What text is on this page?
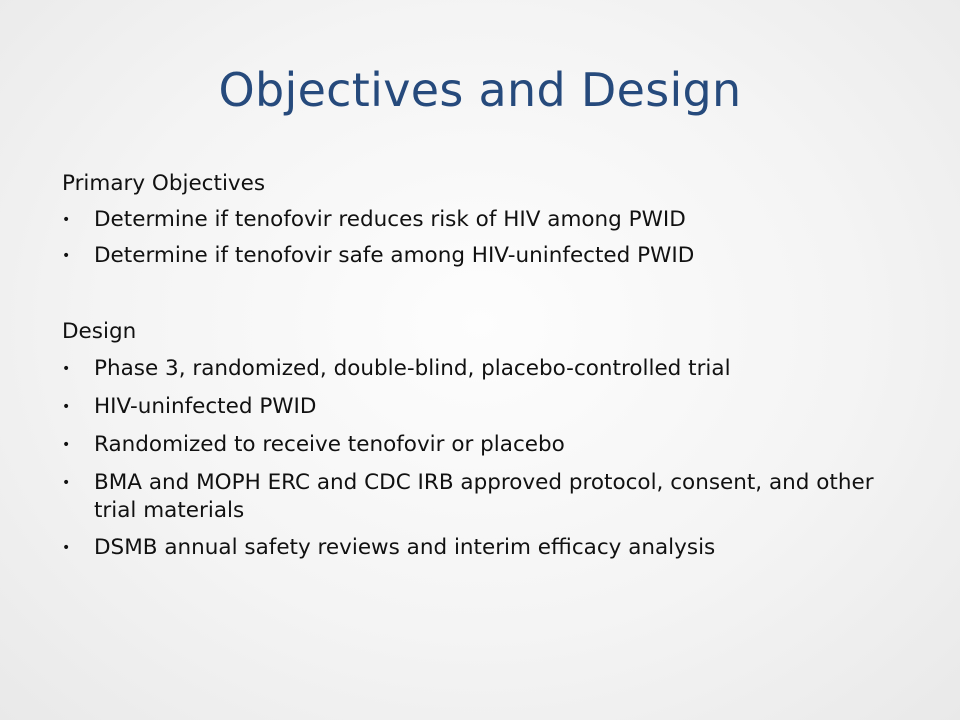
Objectives and Design
Primary Objectives
• Determine if tenofovir reduces risk of HIV among PWID
• Determine if tenofovir safe among HIV-uninfected PWID
Design
• Phase 3, randomized, double-blind, placebo-controlled trial
• HIV-uninfected PWID
• Randomized to receive tenofovir or placebo
• BMA and MOPH ERC and CDC IRB approved protocol, consent, and other trial materials
• DSMB annual safety reviews and interim efficacy analysis
